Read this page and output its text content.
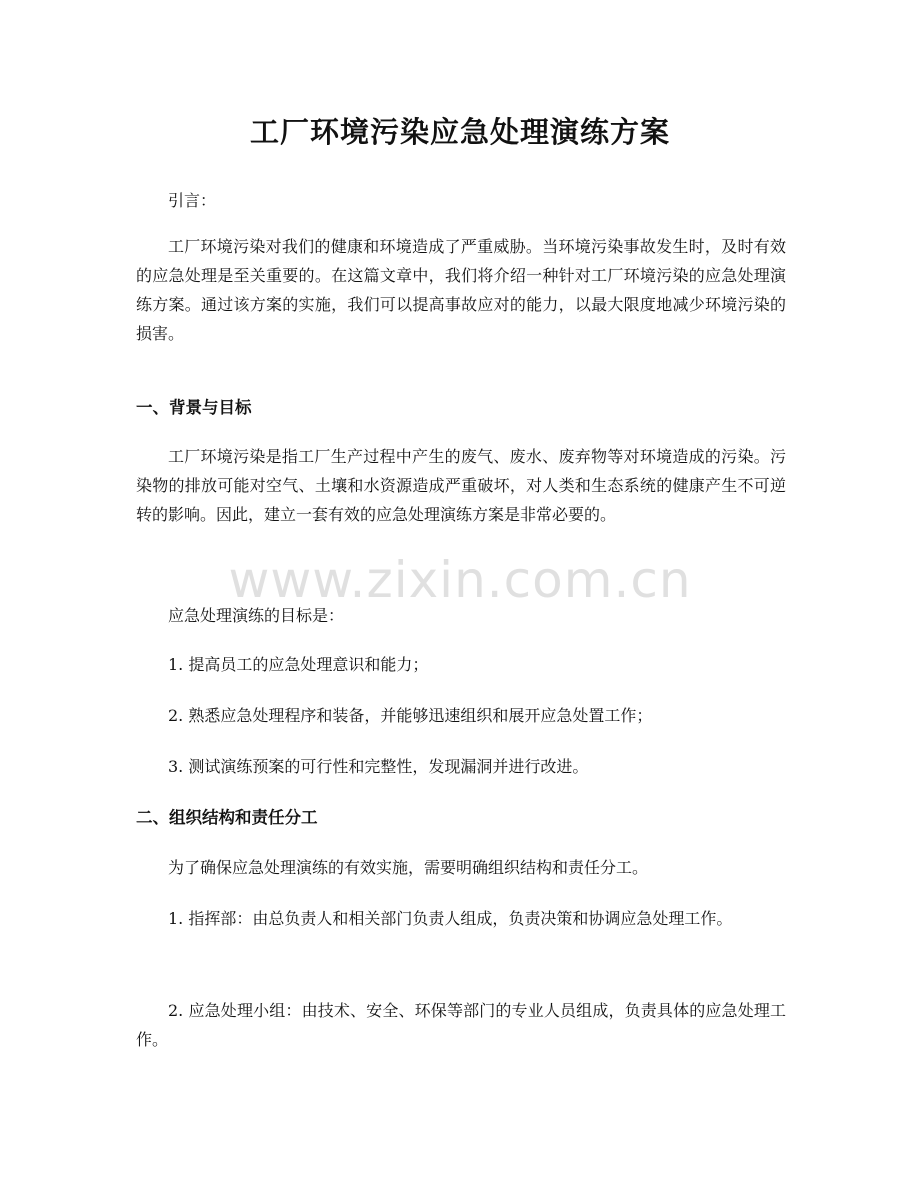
工厂环境污染应急处理演练方案

引言：

工厂环境污染对我们的健康和环境造成了严重威胁。当环境污染事故发生时，及时有效的应急处理是至关重要的。在这篇文章中，我们将介绍一种针对工厂环境污染的应急处理演练方案。通过该方案的实施，我们可以提高事故应对的能力，以最大限度地减少环境污染的损害。

一、背景与目标

工厂环境污染是指工厂生产过程中产生的废气、废水、废弃物等对环境造成的污染。污染物的排放可能对空气、土壤和水资源造成严重破坏，对人类和生态系统的健康产生不可逆转的影响。因此，建立一套有效的应急处理演练方案是非常必要的。

应急处理演练的目标是：

1. 提高员工的应急处理意识和能力；

2. 熟悉应急处理程序和装备，并能够迅速组织和展开应急处置工作；

3. 测试演练预案的可行性和完整性，发现漏洞并进行改进。

二、组织结构和责任分工

为了确保应急处理演练的有效实施，需要明确组织结构和责任分工。

1. 指挥部：由总负责人和相关部门负责人组成，负责决策和协调应急处理工作。

2. 应急处理小组：由技术、安全、环保等部门的专业人员组成，负责具体的应急处理工作。

www.zixin.com.cn
